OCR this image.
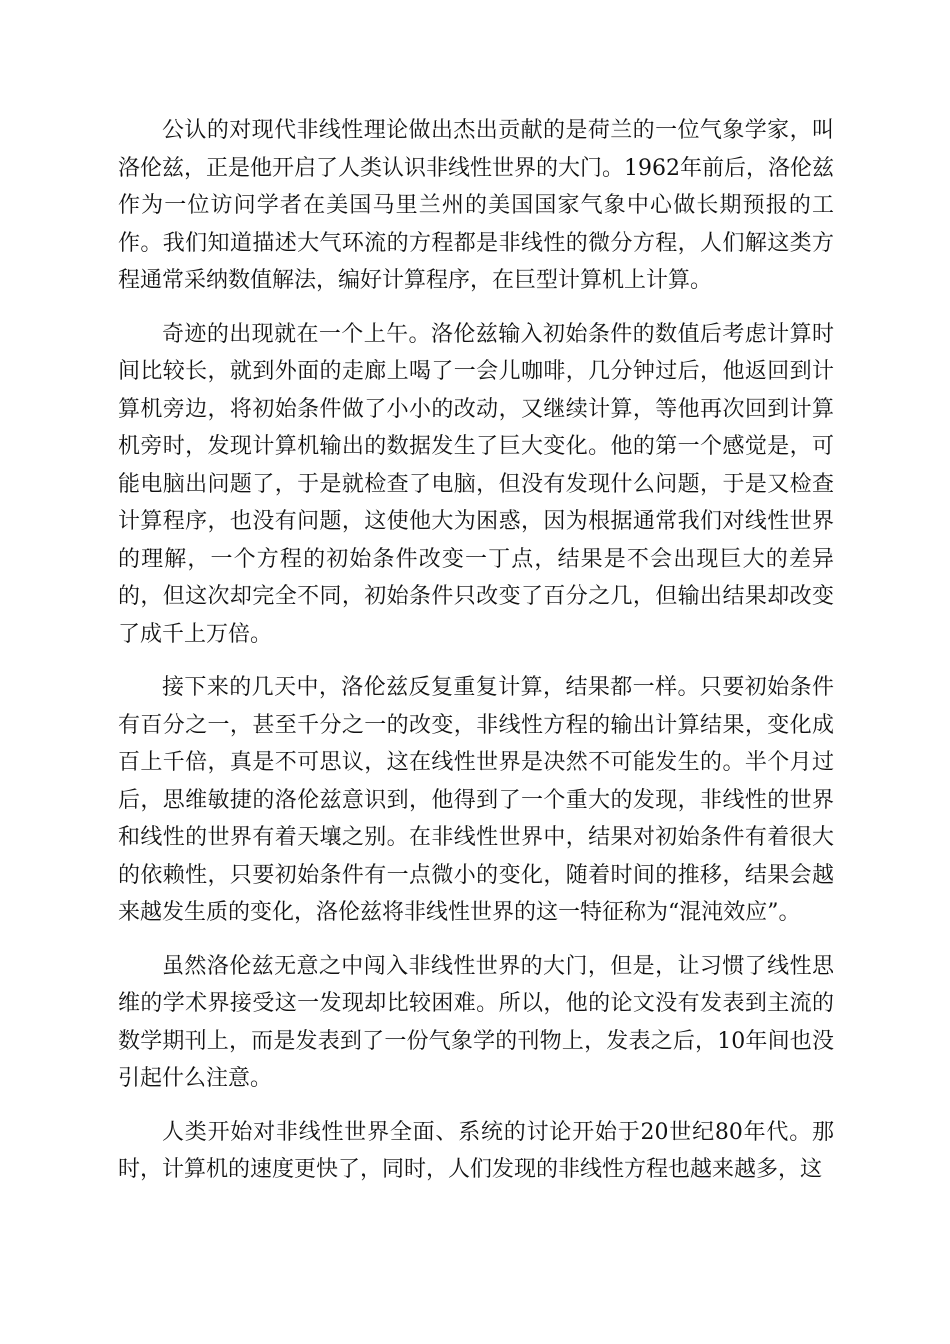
公认的对现代非线性理论做出杰出贡献的是荷兰的一位气象学家，叫洛伦兹，正是他开启了人类认识非线性世界的大门。1962年前后，洛伦兹作为一位访问学者在美国马里兰州的美国国家气象中心做长期预报的工作。我们知道描述大气环流的方程都是非线性的微分方程，人们解这类方程通常采纳数值解法，编好计算程序，在巨型计算机上计算。

奇迹的出现就在一个上午。洛伦兹输入初始条件的数值后考虑计算时间比较长，就到外面的走廊上喝了一会儿咖啡，几分钟过后，他返回到计算机旁边，将初始条件做了小小的改动，又继续计算，等他再次回到计算机旁时，发现计算机输出的数据发生了巨大变化。他的第一个感觉是，可能电脑出问题了，于是就检查了电脑，但没有发现什么问题，于是又检查计算程序，也没有问题，这使他大为困惑，因为根据通常我们对线性世界的理解，一个方程的初始条件改变一丁点，结果是不会出现巨大的差异的，但这次却完全不同，初始条件只改变了百分之几，但输出结果却改变了成千上万倍。

接下来的几天中，洛伦兹反复重复计算，结果都一样。只要初始条件有百分之一，甚至千分之一的改变，非线性方程的输出计算结果，变化成百上千倍，真是不可思议，这在线性世界是决然不可能发生的。半个月过后，思维敏捷的洛伦兹意识到，他得到了一个重大的发现，非线性的世界和线性的世界有着天壤之别。在非线性世界中，结果对初始条件有着很大的依赖性，只要初始条件有一点微小的变化，随着时间的推移，结果会越来越发生质的变化，洛伦兹将非线性世界的这一特征称为“混沌效应”。

虽然洛伦兹无意之中闯入非线性世界的大门，但是，让习惯了线性思维的学术界接受这一发现却比较困难。所以，他的论文没有发表到主流的数学期刊上，而是发表到了一份气象学的刊物上，发表之后，10年间也没引起什么注意。

人类开始对非线性世界全面、系统的讨论开始于20世纪80年代。那时，计算机的速度更快了，同时，人们发现的非线性方程也越来越多，这
